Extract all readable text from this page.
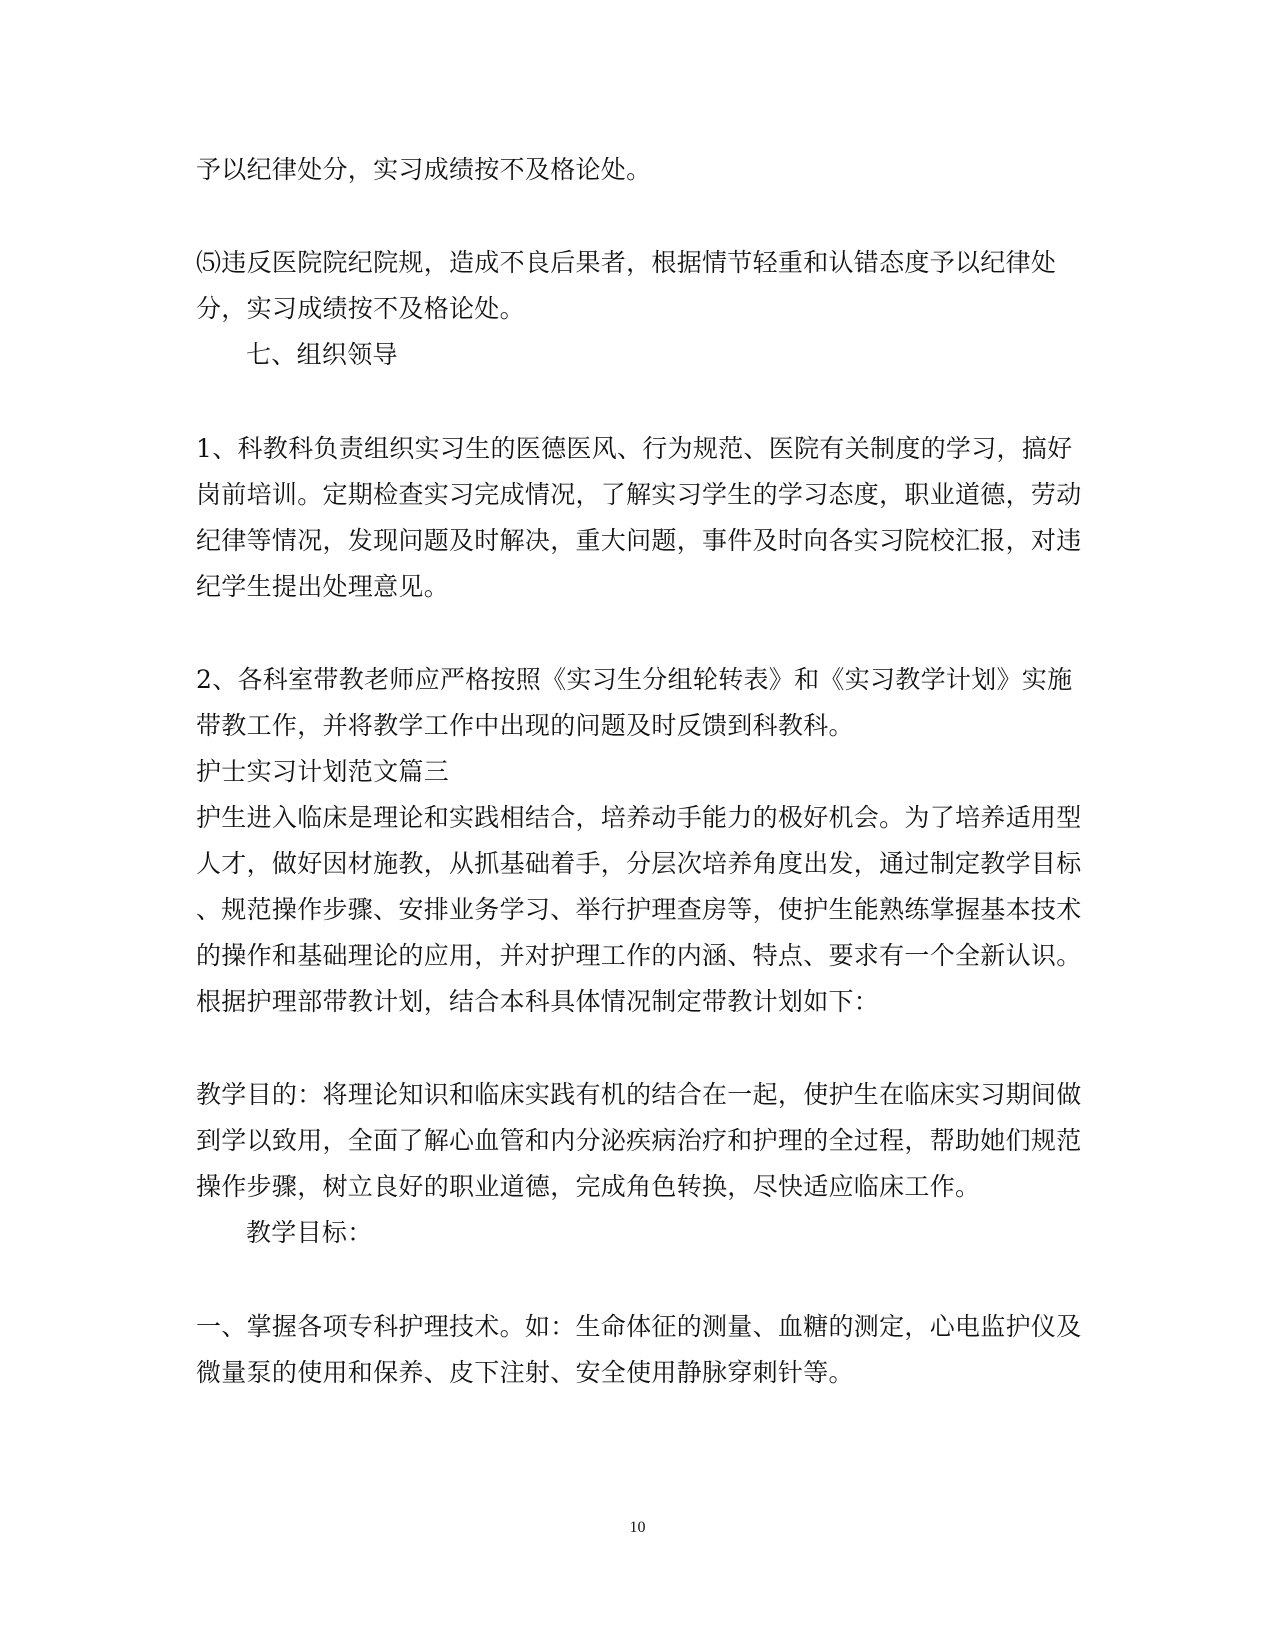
予以纪律处分，实习成绩按不及格论处。
⑸违反医院院纪院规，造成不良后果者，根据情节轻重和认错态度予以纪律处
分，实习成绩按不及格论处。
七、组织领导
1、科教科负责组织实习生的医德医风、行为规范、医院有关制度的学习，搞好
岗前培训。定期检查实习完成情况，了解实习学生的学习态度，职业道德，劳动
纪律等情况，发现问题及时解决，重大问题，事件及时向各实习院校汇报，对违
纪学生提出处理意见。
2、各科室带教老师应严格按照《实习生分组轮转表》和《实习教学计划》实施
带教工作，并将教学工作中出现的问题及时反馈到科教科。
护士实习计划范文篇三
护生进入临床是理论和实践相结合，培养动手能力的极好机会。为了培养适用型
人才，做好因材施教，从抓基础着手，分层次培养角度出发，通过制定教学目标
、规范操作步骤、安排业务学习、举行护理查房等，使护生能熟练掌握基本技术
的操作和基础理论的应用，并对护理工作的内涵、特点、要求有一个全新认识。
根据护理部带教计划，结合本科具体情况制定带教计划如下：
教学目的：将理论知识和临床实践有机的结合在一起，使护生在临床实习期间做
到学以致用，全面了解心血管和内分泌疾病治疗和护理的全过程，帮助她们规范
操作步骤，树立良好的职业道德，完成角色转换，尽快适应临床工作。
教学目标：
一、掌握各项专科护理技术。如：生命体征的测量、血糖的测定，心电监护仪及
微量泵的使用和保养、皮下注射、安全使用静脉穿刺针等。
10
